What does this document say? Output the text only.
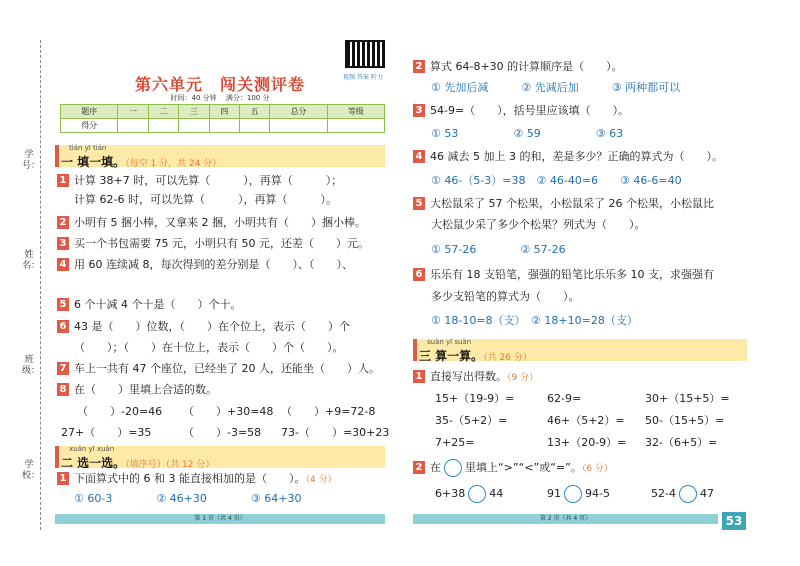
学号：
姓名：
班级：
学校：
视频 答案 听力
第六单元　闯关测评卷
时间：40 分钟 　 满分：100 分
题序	一	二	三	四	五	总分	等级
得分							
tián yī tián
一 填一填。（每空 1 分，共 24 分）
1 计算 38+7 时，可以先算（　　　），再算（　　　）；
计算 62-6 时，可以先算（　　　），再算（　　　）。
2 小明有 5 捆小棒，又拿来 2 捆，小明共有（　　）捆小棒。
3 买一个书包需要 75 元，小明只有 50 元，还差（　　）元。
4 用 60 连续减 8，每次得到的差分别是（　　）、（　　）、
5 6 个十减 4 个十是（　　）个十。
6 43 是（　　）位数，（　　）在个位上，表示（　　）个
（　　）；（　　）在十位上，表示（　　）个（　　）。
7 车上一共有 47 个座位，已经坐了 20 人，还能坐（　　）人。
8 在（　　）里填上合适的数。
（　　）-20=46 （　　）+30=48 （　　）+9=72-8
27+（　　）=35	（　　）-3=58 73-（　　）=30+23
xuǎn yī xuǎn
二 选一选。（填序号）（共 12 分）
1 下面算式中的 6 和 3 能直接相加的是（　　）。（4 分）
① 60-3　　　　② 46+30　　　　③ 64+30
第 1 页（共 4 页）
2 算式 64-8+30 的计算顺序是（　　）。
① 先加后减　　　② 先减后加　　　③ 两种都可以
3 54-9=（　　），括号里应该填（　　）。
① 53　　　　　② 59　　　　　③ 63
4 46 减去 5 加上 3 的和，差是多少？正确的算式为（　　）。
① 46-（5-3）=38　② 46-40=6　　③ 46-6=40
5 大松鼠采了 57 个松果，小松鼠采了 26 个松果，小松鼠比
大松鼠少采了多少个松果？列式为（　　）。
① 57-26　　　　② 57-26
6 乐乐有 18 支铅笔，强强的铅笔比乐乐多 10 支，求强强有
多少支铅笔的算式为（　　）。
① 18-10=8（支）　② 18+10=28（支）
suàn yī suàn
三 算一算。（共 26 分）
1 直接写出得数。（9 分）
15+（19-9）=	62-9=	30+（15+5）=
35-（5+2）=	46+（5+2）= 50-（15+5）=
7+25=	13+（20-9）= 32-（6+5）=
2 在 里填上“>”“<”或“=”。（6 分）
6+38 44	91 94-5	52-4 47
第 2 页（共 4 页）	53
